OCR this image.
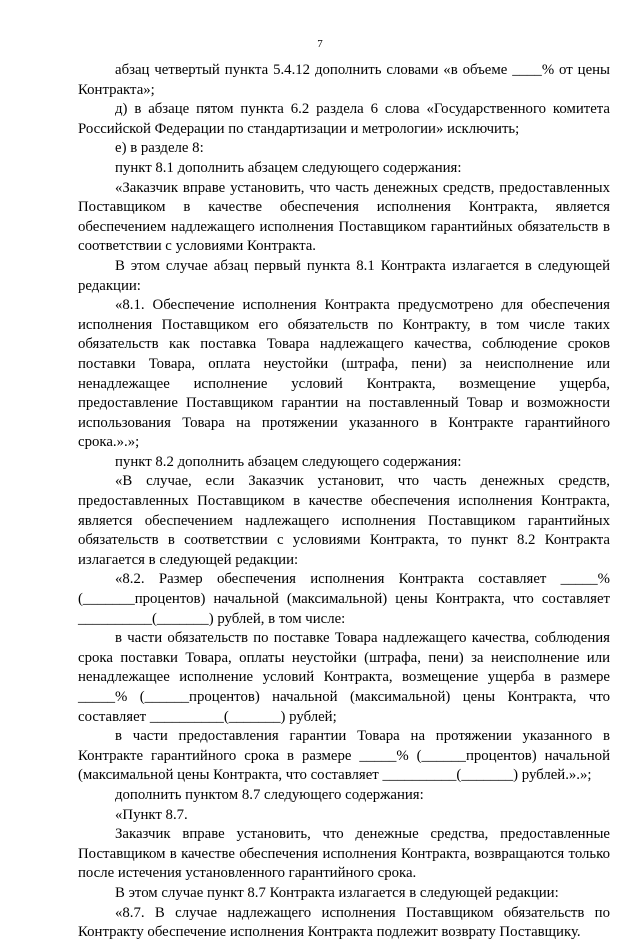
7

абзац четвертый пункта 5.4.12 дополнить словами «в объеме ____% от цены Контракта»;

д) в абзаце пятом пункта 6.2 раздела 6 слова «Государственного комитета Российской Федерации по стандартизации и метрологии» исключить;

е) в разделе 8:

пункт 8.1 дополнить абзацем следующего содержания:

«Заказчик вправе установить, что часть денежных средств, предоставленных Поставщиком в качестве обеспечения исполнения Контракта, является обеспечением надлежащего исполнения Поставщиком гарантийных обязательств в соответствии с условиями Контракта.

В этом случае абзац первый пункта 8.1 Контракта излагается в следующей редакции:

«8.1. Обеспечение исполнения Контракта предусмотрено для обеспечения исполнения Поставщиком его обязательств по Контракту, в том числе таких обязательств как поставка Товара надлежащего качества, соблюдение сроков поставки Товара, оплата неустойки (штрафа, пени) за неисполнение или ненадлежащее исполнение условий Контракта, возмещение ущерба, предоставление Поставщиком гарантии на поставленный Товар и возможности использования Товара на протяжении указанного в Контракте гарантийного срока.».»;

пункт 8.2 дополнить абзацем следующего содержания:

«В случае, если Заказчик установит, что часть денежных средств, предоставленных Поставщиком в качестве обеспечения исполнения Контракта, является обеспечением надлежащего исполнения Поставщиком гарантийных обязательств в соответствии с условиями Контракта, то пункт 8.2 Контракта излагается в следующей редакции:

«8.2. Размер обеспечения исполнения Контракта составляет _____% (_______процентов) начальной (максимальной) цены Контракта, что составляет __________(_______) рублей, в том числе:

в части обязательств по поставке Товара надлежащего качества, соблюдения срока поставки Товара, оплаты неустойки (штрафа, пени) за неисполнение или ненадлежащее исполнение условий Контракта, возмещение ущерба в размере _____% (______процентов) начальной (максимальной) цены Контракта, что составляет __________(_______) рублей;

в части предоставления гарантии Товара на протяжении указанного в Контракте гарантийного срока в размере _____% (______процентов) начальной (максимальной цены Контракта, что составляет __________(_______) рублей.».»;

дополнить пунктом 8.7 следующего содержания:

«Пункт 8.7.

Заказчик вправе установить, что денежные средства, предоставленные Поставщиком в качестве обеспечения исполнения Контракта, возвращаются только после истечения установленного гарантийного срока.

В этом случае пункт 8.7 Контракта излагается в следующей редакции:

«8.7. В случае надлежащего исполнения Поставщиком обязательств по Контракту обеспечение исполнения Контракта подлежит возврату Поставщику.
